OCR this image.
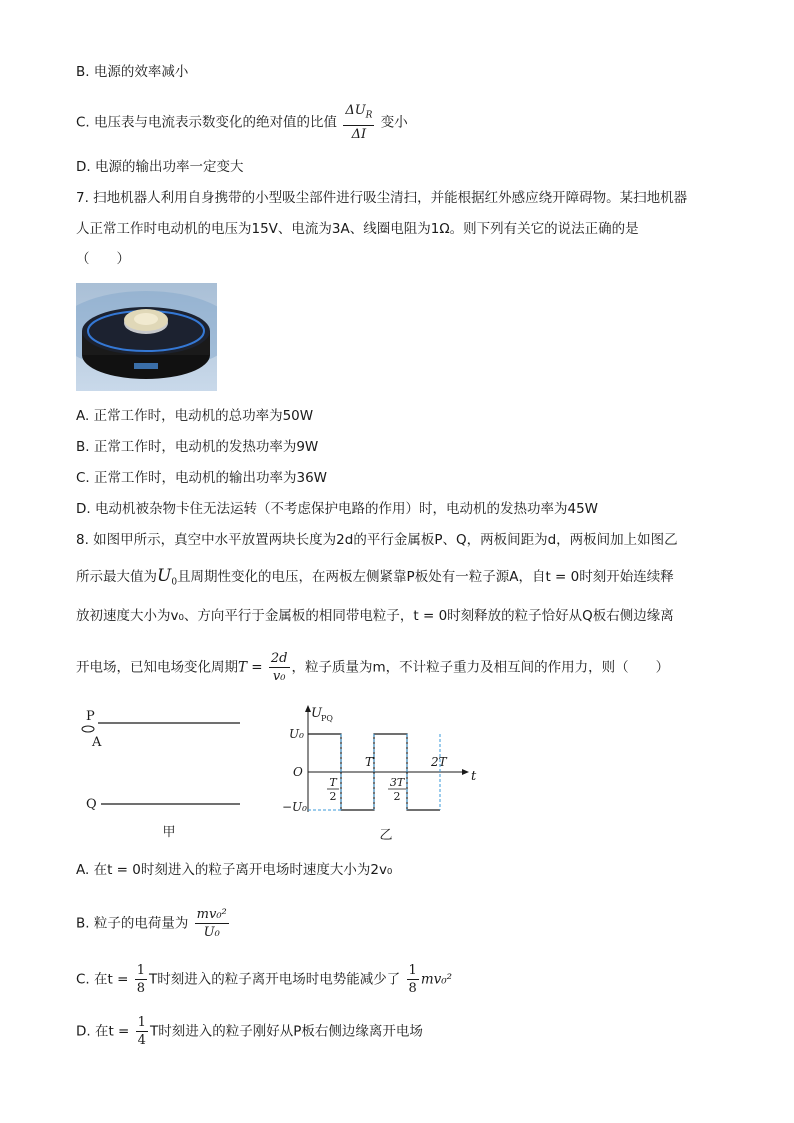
B. 电源的效率减小
C. 电压表与电流表示数变化的绝对值的比值 $\frac{\Delta U_R}{\Delta I}$ 变小
D. 电源的输出功率一定变大
7. 扫地机器人利用自身携带的小型吸尘部件进行吸尘清扫，并能根据红外感应绕开障碍物。某扫地机器
人正常工作时电动机的电压为15V、电流为3A、线圈电阻为1Ω。则下列有关它的说法正确的是
（　　）
A. 正常工作时，电动机的总功率为50W
B. 正常工作时，电动机的发热功率为9W
C. 正常工作时，电动机的输出功率为36W
D. 电动机被杂物卡住无法运转（不考虑保护电路的作用）时，电动机的发热功率为45W
8. 如图甲所示，真空中水平放置两块长度为2d的平行金属板P、Q，两板间距为d，两板间加上如图乙
所示最大值为$U_0$且周期性变化的电压，在两板左侧紧靠P板处有一粒子源A，自t = 0时刻开始连续释
放初速度大小为v₀、方向平行于金属板的相同带电粒子，t = 0时刻释放的粒子恰好从Q板右侧边缘离
开电场，已知电场变化周期$T = \frac{2d}{\text{v₀}}$ ，粒子质量为m，不计粒子重力及相互间的作用力，则（　　）
P
A
Q
甲
U PQ
t
U₀
−U₀
O
T	2T
T
2
3T
2
乙
A. 在t = 0时刻进入的粒子离开电场时速度大小为2v₀
B. 粒子的电荷量为 $\frac{\text{mv₀²}}{\text{U₀}}$
C. 在$t = \frac{1}{8}$ T时刻进入的粒子离开电场时电势能减少了 $\frac{1}{8} mv_0^2$
D. 在$t = \frac{1}{4}$ T时刻进入的粒子刚好从P板右侧边缘离开电场
